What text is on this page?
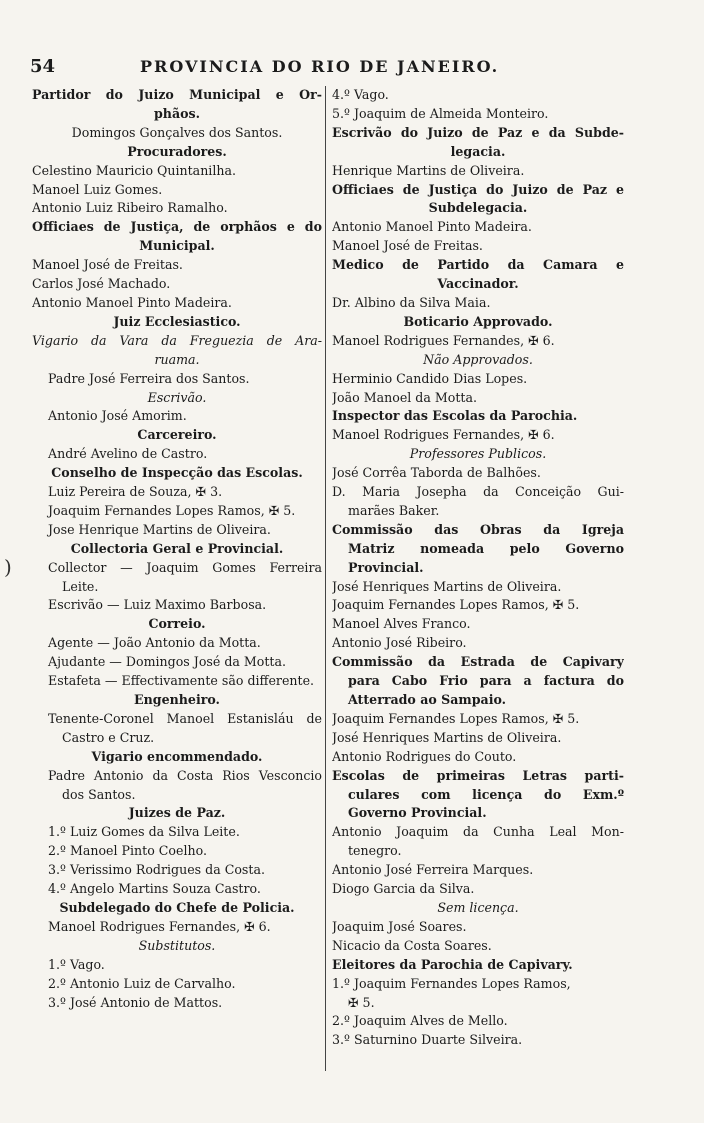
54	PROVINCIA DO RIO DE JANEIRO.
)
Partidor do Juizo Municipal e Or-
phãos.
Domingos Gonçalves dos Santos.
Procuradores.
Celestino Mauricio Quintanilha.
Manoel Luiz Gomes.
Antonio Luiz Ribeiro Ramalho.
Officiaes de Justiça, de orphãos e do
Municipal.
Manoel José de Freitas.
Carlos José Machado.
Antonio Manoel Pinto Madeira.
Juiz Ecclesiastico.
Vigario da Vara da Freguezia de Ara-
ruama.
Padre José Ferreira dos Santos.
Escrivão.
Antonio José Amorim.
Carcereiro.
André Avelino de Castro.
Conselho de Inspecção das Escolas.
Luiz Pereira de Souza, ✠ 3.
Joaquim Fernandes Lopes Ramos, ✠ 5.
Jose Henrique Martins de Oliveira.
Collectoria Geral e Provincial.
Collector — Joaquim Gomes Ferreira
Leite.
Escrivão — Luiz Maximo Barbosa.
Correio.
Agente — João Antonio da Motta.
Ajudante — Domingos José da Motta.
Estafeta — Effectivamente são differente.
Engenheiro.
Tenente-Coronel Manoel Estanisláu de
Castro e Cruz.
Vigario encommendado.
Padre Antonio da Costa Rios Vesconcio
dos Santos.
Juizes de Paz.
1.º Luiz Gomes da Silva Leite.
2.º Manoel Pinto Coelho.
3.º Verissimo Rodrigues da Costa.
4.º Angelo Martins Souza Castro.
Subdelegado do Chefe de Policia.
Manoel Rodrigues Fernandes, ✠ 6.
Substitutos.
1.º Vago.
2.º Antonio Luiz de Carvalho.
3.º José Antonio de Mattos.
4.º Vago.
5.º Joaquim de Almeida Monteiro.
Escrivão do Juizo de Paz e da Subde-
legacia.
Henrique Martins de Oliveira.
Officiaes de Justiça do Juizo de Paz e
Subdelegacia.
Antonio Manoel Pinto Madeira.
Manoel José de Freitas.
Medico de Partido da Camara e
Vaccinador.
Dr. Albino da Silva Maia.
Boticario Approvado.
Manoel Rodrigues Fernandes, ✠ 6.
Não Approvados.
Herminio Candido Dias Lopes.
João Manoel da Motta.
Inspector das Escolas da Parochia.
Manoel Rodrigues Fernandes, ✠ 6.
Professores Publicos.
José Corrêa Taborda de Balhões.
D. Maria Josepha da Conceição Gui-
marães Baker.
Commissão das Obras da Igreja
Matriz nomeada pelo Governo
Provincial.
José Henriques Martins de Oliveira.
Joaquim Fernandes Lopes Ramos, ✠ 5.
Manoel Alves Franco.
Antonio José Ribeiro.
Commissão da Estrada de Capivary
para Cabo Frio para a factura do
Atterrado ao Sampaio.
Joaquim Fernandes Lopes Ramos, ✠ 5.
José Henriques Martins de Oliveira.
Antonio Rodrigues do Couto.
Escolas de primeiras Letras parti-
culares com licença do Exm.º
Governo Provincial.
Antonio Joaquim da Cunha Leal Mon-
tenegro.
Antonio José Ferreira Marques.
Diogo Garcia da Silva.
Sem licença.
Joaquim José Soares.
Nicacio da Costa Soares.
Eleitores da Parochia de Capivary.
1.º Joaquim Fernandes Lopes Ramos,
✠ 5.
2.º Joaquim Alves de Mello.
3.º Saturnino Duarte Silveira.
